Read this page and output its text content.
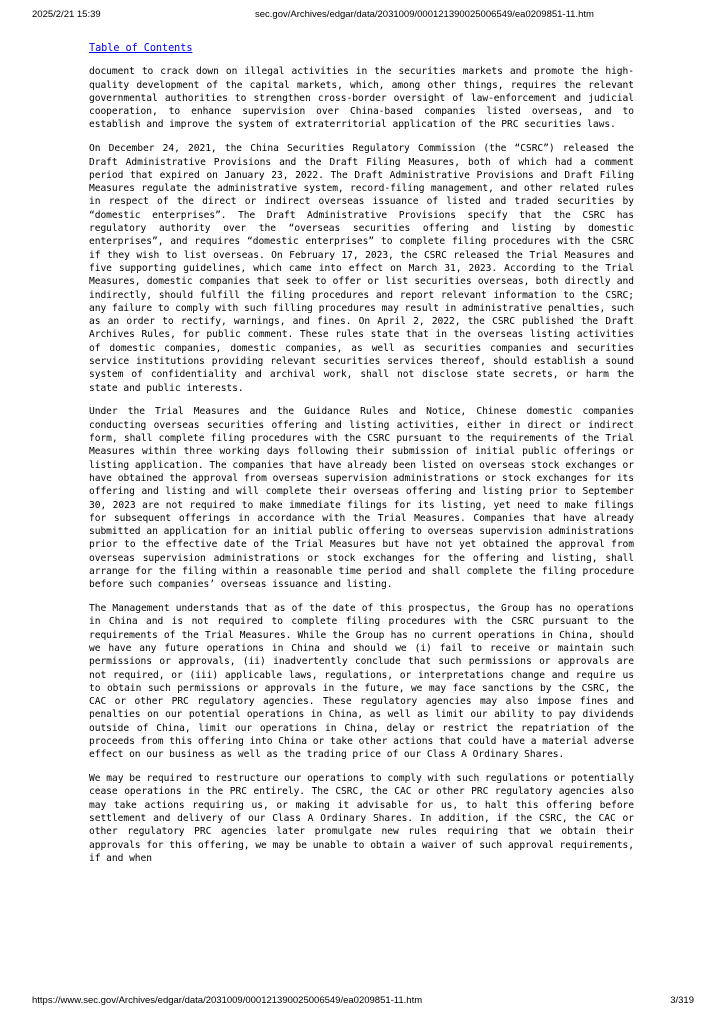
2025/2/21 15:39	sec.gov/Archives/edgar/data/2031009/000121390025006549/ea0209851-11.htm
Table of Contents

document to crack down on illegal activities in the securities markets and promote the high-quality development of the capital markets, which, among other things, requires the relevant governmental authorities to strengthen cross-border oversight of law-enforcement and judicial cooperation, to enhance supervision over China-based companies listed overseas, and to establish and improve the system of extraterritorial application of the PRC securities laws.

On December 24, 2021, the China Securities Regulatory Commission (the “CSRC”) released the Draft Administrative Provisions and the Draft Filing Measures, both of which had a comment period that expired on January 23, 2022. The Draft Administrative Provisions and Draft Filing Measures regulate the administrative system, record-filing management, and other related rules in respect of the direct or indirect overseas issuance of listed and traded securities by “domestic enterprises”. The Draft Administrative Provisions specify that the CSRC has regulatory authority over the “overseas securities offering and listing by domestic enterprises”, and requires “domestic enterprises” to complete filing procedures with the CSRC if they wish to list overseas. On February 17, 2023, the CSRC released the Trial Measures and five supporting guidelines, which came into effect on March 31, 2023. According to the Trial Measures, domestic companies that seek to offer or list securities overseas, both directly and indirectly, should fulfill the filing procedures and report relevant information to the CSRC; any failure to comply with such filling procedures may result in administrative penalties, such as an order to rectify, warnings, and fines. On April 2, 2022, the CSRC published the Draft Archives Rules, for public comment. These rules state that in the overseas listing activities of domestic companies, domestic companies, as well as securities companies and securities service institutions providing relevant securities services thereof, should establish a sound system of confidentiality and archival work, shall not disclose state secrets, or harm the state and public interests.

Under the Trial Measures and the Guidance Rules and Notice, Chinese domestic companies conducting overseas securities offering and listing activities, either in direct or indirect form, shall complete filing procedures with the CSRC pursuant to the requirements of the Trial Measures within three working days following their submission of initial public offerings or listing application. The companies that have already been listed on overseas stock exchanges or have obtained the approval from overseas supervision administrations or stock exchanges for its offering and listing and will complete their overseas offering and listing prior to September 30, 2023 are not required to make immediate filings for its listing, yet need to make filings for subsequent offerings in accordance with the Trial Measures. Companies that have already submitted an application for an initial public offering to overseas supervision administrations prior to the effective date of the Trial Measures but have not yet obtained the approval from overseas supervision administrations or stock exchanges for the offering and listing, shall arrange for the filing within a reasonable time period and shall complete the filing procedure before such companies’ overseas issuance and listing.

The Management understands that as of the date of this prospectus, the Group has no operations in China and is not required to complete filing procedures with the CSRC pursuant to the requirements of the Trial Measures. While the Group has no current operations in China, should we have any future operations in China and should we (i) fail to receive or maintain such permissions or approvals, (ii) inadvertently conclude that such permissions or approvals are not required, or (iii) applicable laws, regulations, or interpretations change and require us to obtain such permissions or approvals in the future, we may face sanctions by the CSRC, the CAC or other PRC regulatory agencies. These regulatory agencies may also impose fines and penalties on our potential operations in China, as well as limit our ability to pay dividends outside of China, limit our operations in China, delay or restrict the repatriation of the proceeds from this offering into China or take other actions that could have a material adverse effect on our business as well as the trading price of our Class A Ordinary Shares.

We may be required to restructure our operations to comply with such regulations or potentially cease operations in the PRC entirely. The CSRC, the CAC or other PRC regulatory agencies also may take actions requiring us, or making it advisable for us, to halt this offering before settlement and delivery of our Class A Ordinary Shares. In addition, if the CSRC, the CAC or other regulatory PRC agencies later promulgate new rules requiring that we obtain their approvals for this offering, we may be unable to obtain a waiver of such approval requirements, if and when

https://www.sec.gov/Archives/edgar/data/2031009/000121390025006549/ea0209851-11.htm	3/319
